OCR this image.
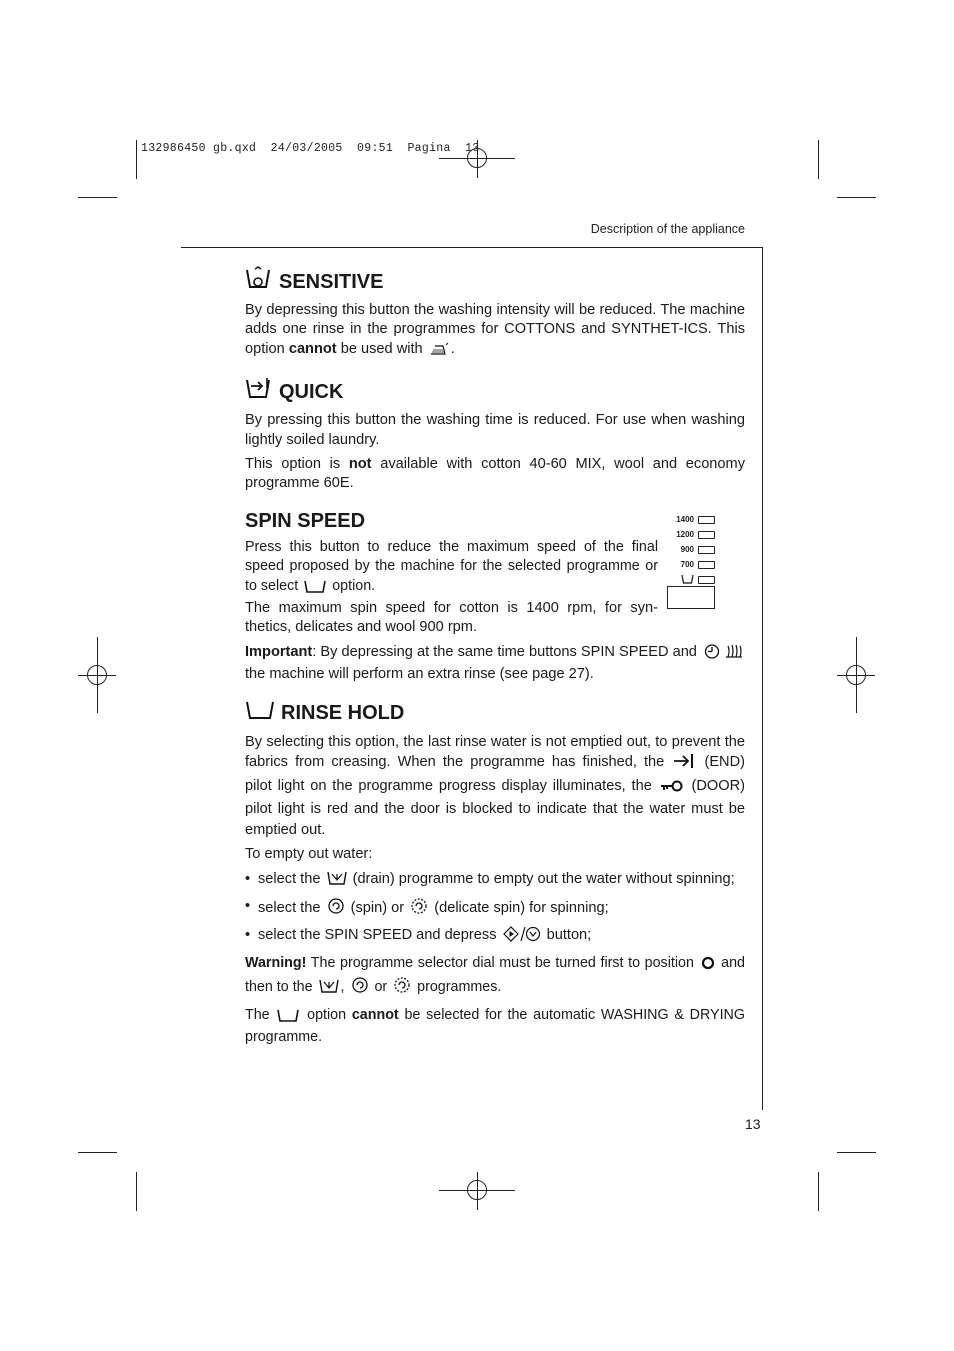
132986450 gb.qxd 24/03/2005 09:51 Pagina 13
Description of the appliance
13
SENSITIVE

By depressing this button the washing intensity will be reduced. The machine adds one rinse in the programmes for COTTONS and SYNTHET-ICS. This option cannot be used with .

QUICK

By pressing this button the washing time is reduced. For use when washing lightly soiled laundry.

This option is not available with cotton 40-60 MIX, wool and economy programme 60E.

SPIN SPEED

Press this button to reduce the maximum speed of the final speed proposed by the machine for the selected programme or to select  option.

The maximum spin speed for cotton is 1400 rpm, for syn-thetics, delicates and wool 900 rpm.

Important: By depressing at the same time buttons SPIN SPEED and  the machine will perform an extra rinse (see page 27).

RINSE HOLD

By selecting this option, the last rinse water is not emptied out, to prevent the fabrics from creasing. When the programme has finished, the  (END) pilot light on the programme progress display illuminates, the  (DOOR) pilot light is red and the door is blocked to indicate that the water must be emptied out.

To empty out water:

• select the  (drain) programme to empty out the water without spinning;
• select the  (spin) or  (delicate spin) for spinning;
• select the SPIN SPEED and depress	button;

Warning! The programme selector dial must be turned first to position  and then to the ,  or  programmes.

The  option cannot be selected for the automatic WASHING & DRYING programme.

1400
1200
900
700
